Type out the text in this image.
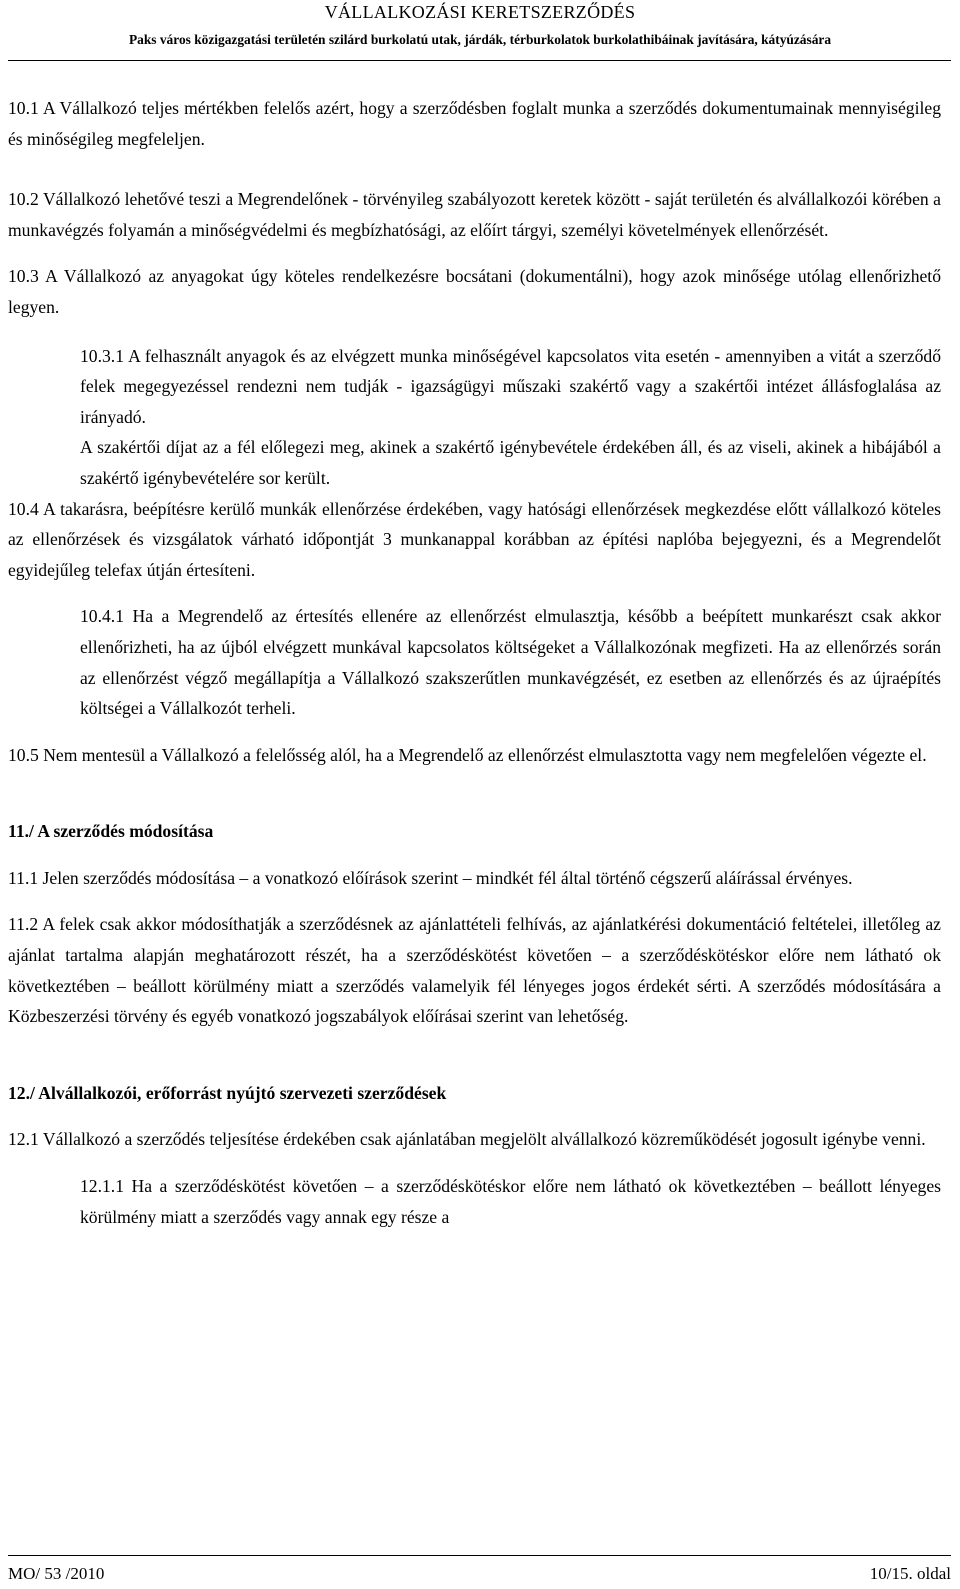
VÁLLALKOZÁSI KERETSZERZŐDÉS
Paks város közigazgatási területén szilárd burkolatú utak, járdák, térburkolatok burkolathibáinak javítására, kátyúzására

10.1 A Vállalkozó teljes mértékben felelős azért, hogy a szerződésben foglalt munka a szerződés dokumentumainak mennyiségileg és minőségileg megfeleljen.

10.2 Vállalkozó lehetővé teszi a Megrendelőnek - törvényileg szabályozott keretek között - saját területén és alvállalkozói körében a munkavégzés folyamán a minőségvédelmi és megbízhatósági, az előírt tárgyi, személyi követelmények ellenőrzését.

10.3 A Vállalkozó az anyagokat úgy köteles rendelkezésre bocsátani (dokumentálni), hogy azok minősége utólag ellenőrizhető legyen.

10.3.1 A felhasznált anyagok és az elvégzett munka minőségével kapcsolatos vita esetén - amennyiben a vitát a szerződő felek megegyezéssel rendezni nem tudják - igazságügyi műszaki szakértő vagy a szakértői intézet állásfoglalása az irányadó.

A szakértői díjat az a fél előlegezi meg, akinek a szakértő igénybevétele érdekében áll, és az viseli, akinek a hibájából a szakértő igénybevételére sor került.

10.4 A takarásra, beépítésre kerülő munkák ellenőrzése érdekében, vagy hatósági ellenőrzések megkezdése előtt vállalkozó köteles az ellenőrzések és vizsgálatok várható időpontját 3 munkanappal korábban az építési naplóba bejegyezni, és a Megrendelőt egyidejűleg telefax útján értesíteni.

10.4.1 Ha a Megrendelő az értesítés ellenére az ellenőrzést elmulasztja, később a beépített munkarészt csak akkor ellenőrizheti, ha az újból elvégzett munkával kapcsolatos költségeket a Vállalkozónak megfizeti. Ha az ellenőrzés során az ellenőrzést végző megállapítja a Vállalkozó szakszerűtlen munkavégzését, ez esetben az ellenőrzés és az újraépítés költségei a Vállalkozót terheli.

10.5 Nem mentesül a Vállalkozó a felelősség alól, ha a Megrendelő az ellenőrzést elmulasztotta vagy nem megfelelően végezte el.

11./ A szerződés módosítása

11.1 Jelen szerződés módosítása – a vonatkozó előírások szerint – mindkét fél által történő cégszerű aláírással érvényes.

11.2 A felek csak akkor módosíthatják a szerződésnek az ajánlattételi felhívás, az ajánlatkérési dokumentáció feltételei, illetőleg az ajánlat tartalma alapján meghatározott részét, ha a szerződéskötést követően – a szerződéskötéskor előre nem látható ok következtében – beállott körülmény miatt a szerződés valamelyik fél lényeges jogos érdekét sérti. A szerződés módosítására a Közbeszerzési törvény és egyéb vonatkozó jogszabályok előírásai szerint van lehetőség.

12./ Alvállalkozói, erőforrást nyújtó szervezeti szerződések

12.1 Vállalkozó a szerződés teljesítése érdekében csak ajánlatában megjelölt alvállalkozó közreműködését jogosult igénybe venni.

12.1.1 Ha a szerződéskötést követően – a szerződéskötéskor előre nem látható ok következtében – beállott lényeges körülmény miatt a szerződés vagy annak egy része a

MO/ 53 /2010	10/15. oldal
